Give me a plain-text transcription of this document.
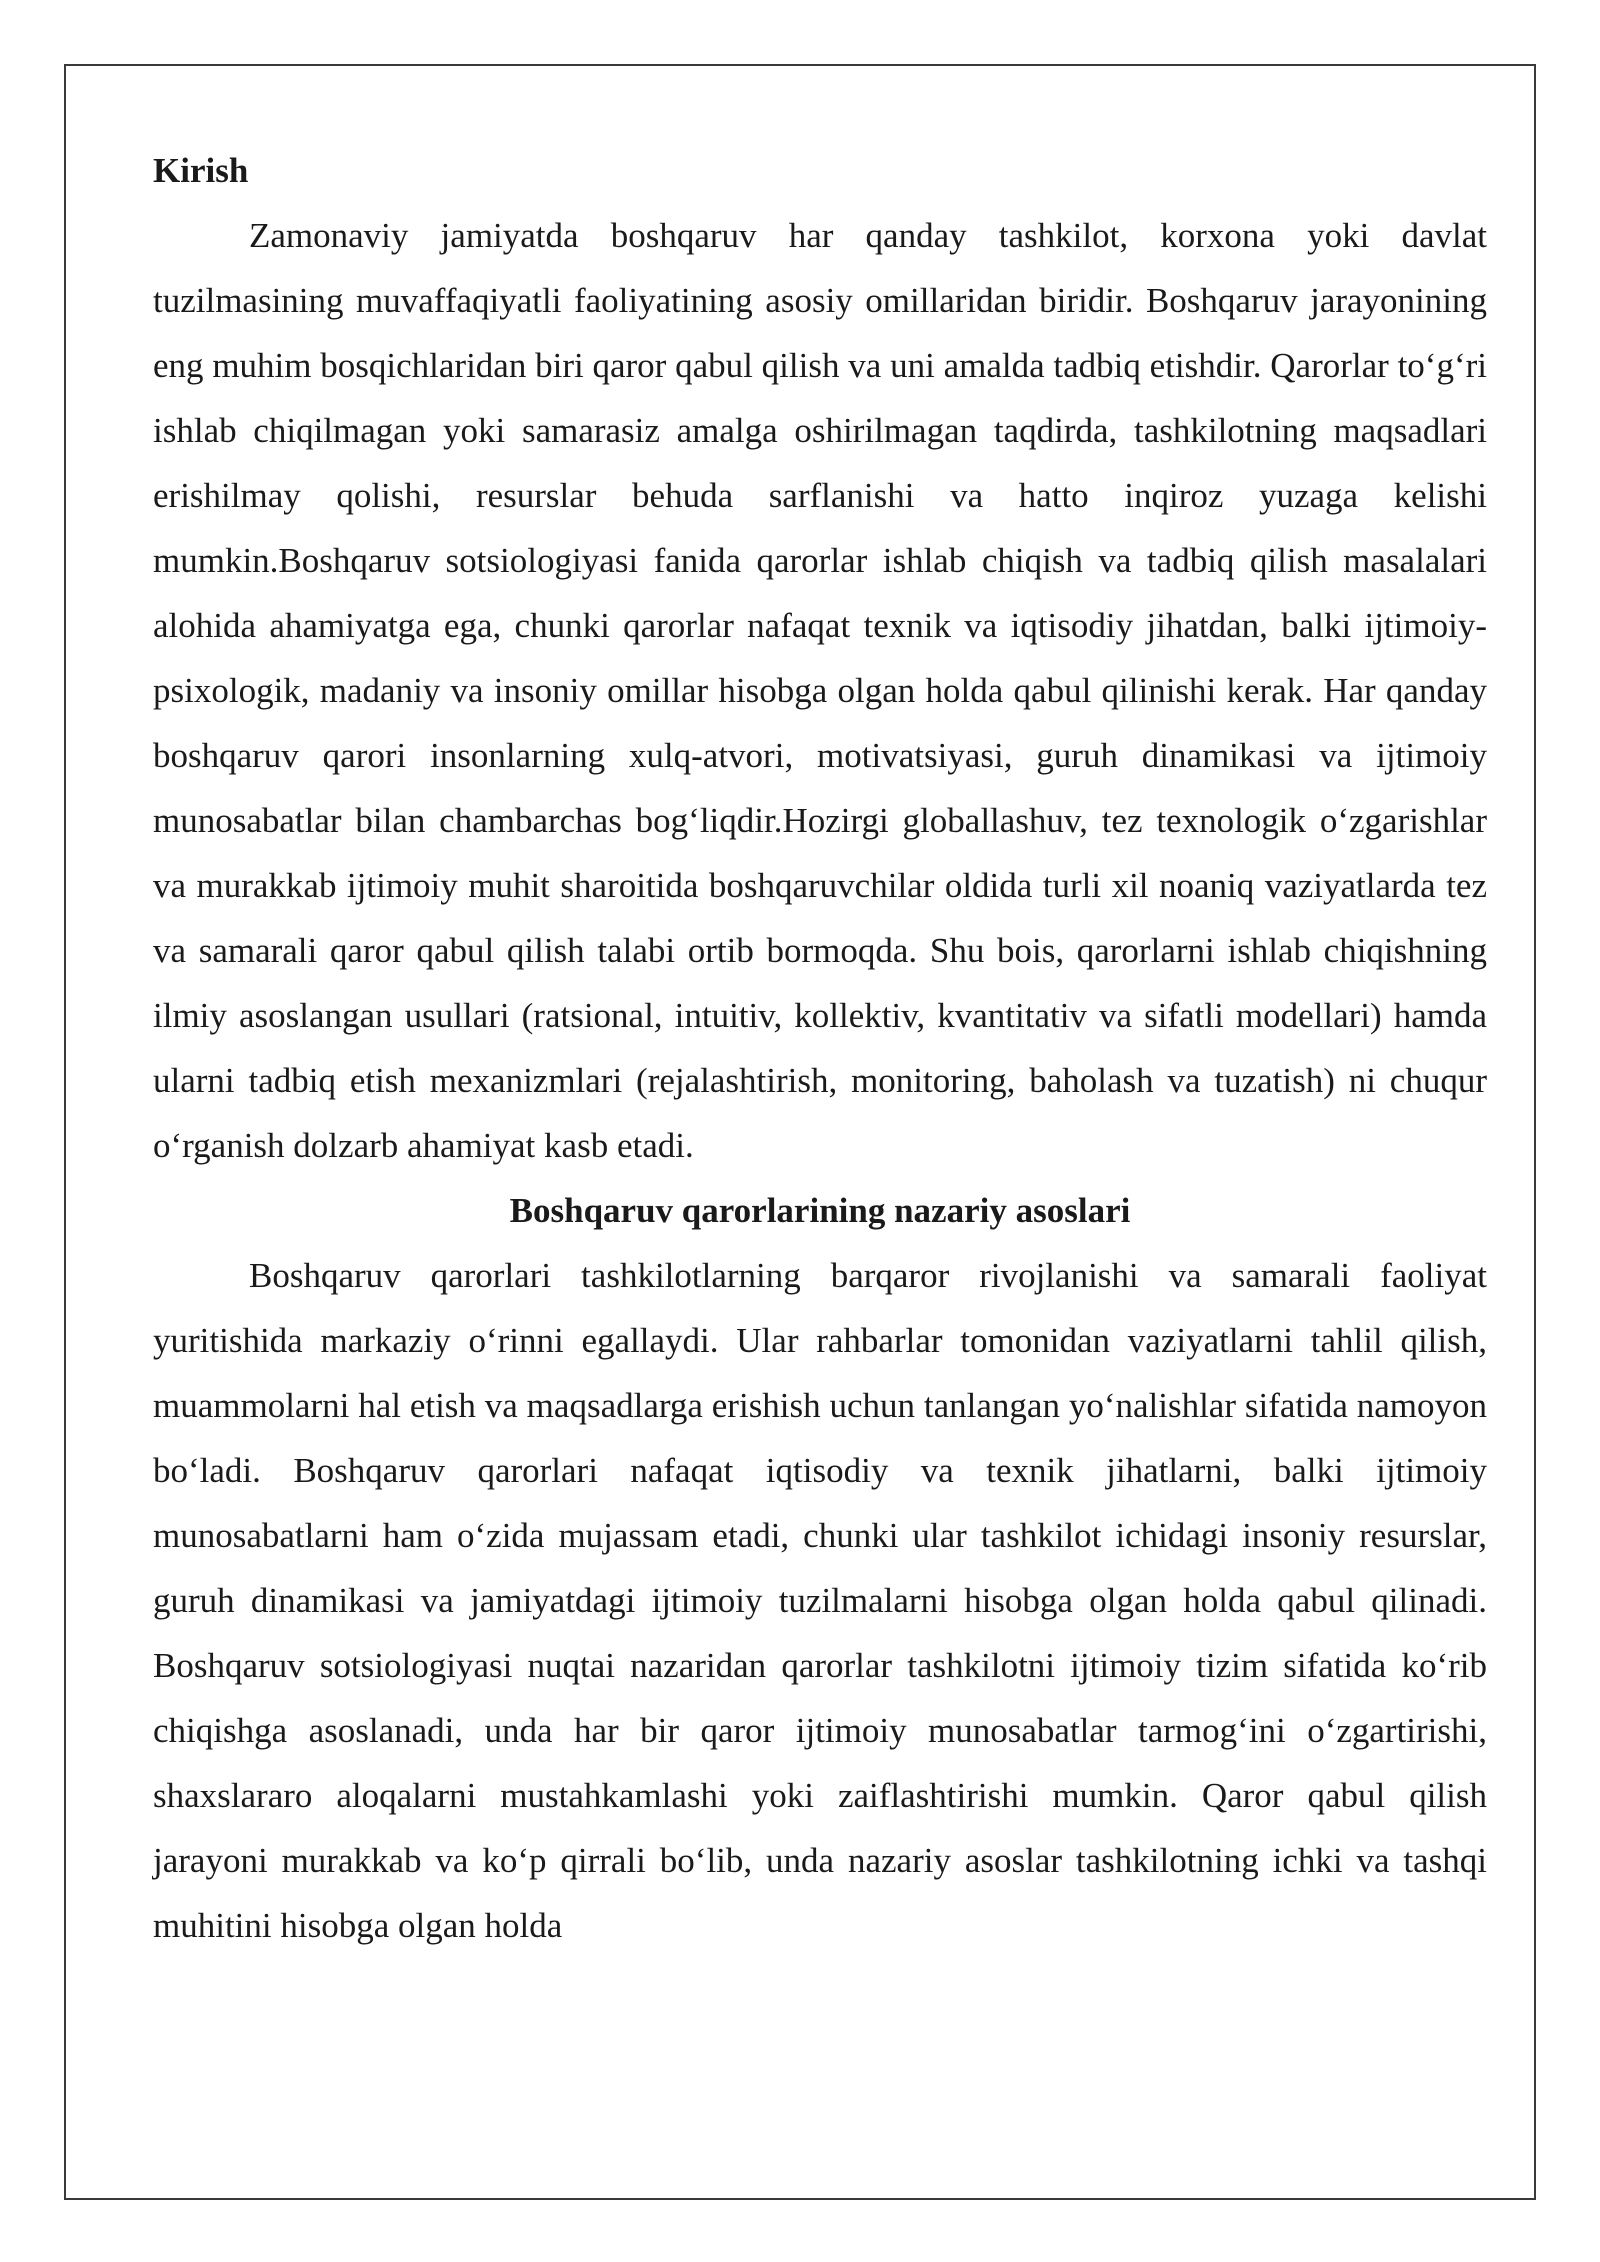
Kirish

Zamonaviy jamiyatda boshqaruv har qanday tashkilot, korxona yoki davlat tuzilmasining muvaffaqiyatli faoliyatining asosiy omillaridan biridir. Boshqaruv jarayonining eng muhim bosqichlaridan biri qaror qabul qilish va uni amalda tadbiq etishdir. Qarorlar to‘g‘ri ishlab chiqilmagan yoki samarasiz amalga oshirilmagan taqdirda, tashkilotning maqsadlari erishilmay qolishi, resurslar behuda sarflanishi va hatto inqiroz yuzaga kelishi mumkin.Boshqaruv sotsiologiyasi fanida qarorlar ishlab chiqish va tadbiq qilish masalalari alohida ahamiyatga ega, chunki qarorlar nafaqat texnik va iqtisodiy jihatdan, balki ijtimoiy-psixologik, madaniy va insoniy omillar hisobga olgan holda qabul qilinishi kerak. Har qanday boshqaruv qarori insonlarning xulq-atvori, motivatsiyasi, guruh dinamikasi va ijtimoiy munosabatlar bilan chambarchas bog‘liqdir.Hozirgi globallashuv, tez texnologik o‘zgarishlar va murakkab ijtimoiy muhit sharoitida boshqaruvchilar oldida turli xil noaniq vaziyatlarda tez va samarali qaror qabul qilish talabi ortib bormoqda. Shu bois, qarorlarni ishlab chiqishning ilmiy asoslangan usullari (ratsional, intuitiv, kollektiv, kvantitativ va sifatli modellari) hamda ularni tadbiq etish mexanizmlari (rejalashtirish, monitoring, baholash va tuzatish) ni chuqur o‘rganish dolzarb ahamiyat kasb etadi.

Boshqaruv qarorlarining nazariy asoslari

Boshqaruv qarorlari tashkilotlarning barqaror rivojlanishi va samarali faoliyat yuritishida markaziy o‘rinni egallaydi. Ular rahbarlar tomonidan vaziyatlarni tahlil qilish, muammolarni hal etish va maqsadlarga erishish uchun tanlangan yo‘nalishlar sifatida namoyon bo‘ladi. Boshqaruv qarorlari nafaqat iqtisodiy va texnik jihatlarni, balki ijtimoiy munosabatlarni ham o‘zida mujassam etadi, chunki ular tashkilot ichidagi insoniy resurslar, guruh dinamikasi va jamiyatdagi ijtimoiy tuzilmalarni hisobga olgan holda qabul qilinadi. Boshqaruv sotsiologiyasi nuqtai nazaridan qarorlar tashkilotni ijtimoiy tizim sifatida ko‘rib chiqishga asoslanadi, unda har bir qaror ijtimoiy munosabatlar tarmog‘ini o‘zgartirishi, shaxslararo aloqalarni mustahkamlashi yoki zaiflashtirishi mumkin. Qaror qabul qilish jarayoni murakkab va ko‘p qirrali bo‘lib, unda nazariy asoslar tashkilotning ichki va tashqi muhitini hisobga olgan holda
